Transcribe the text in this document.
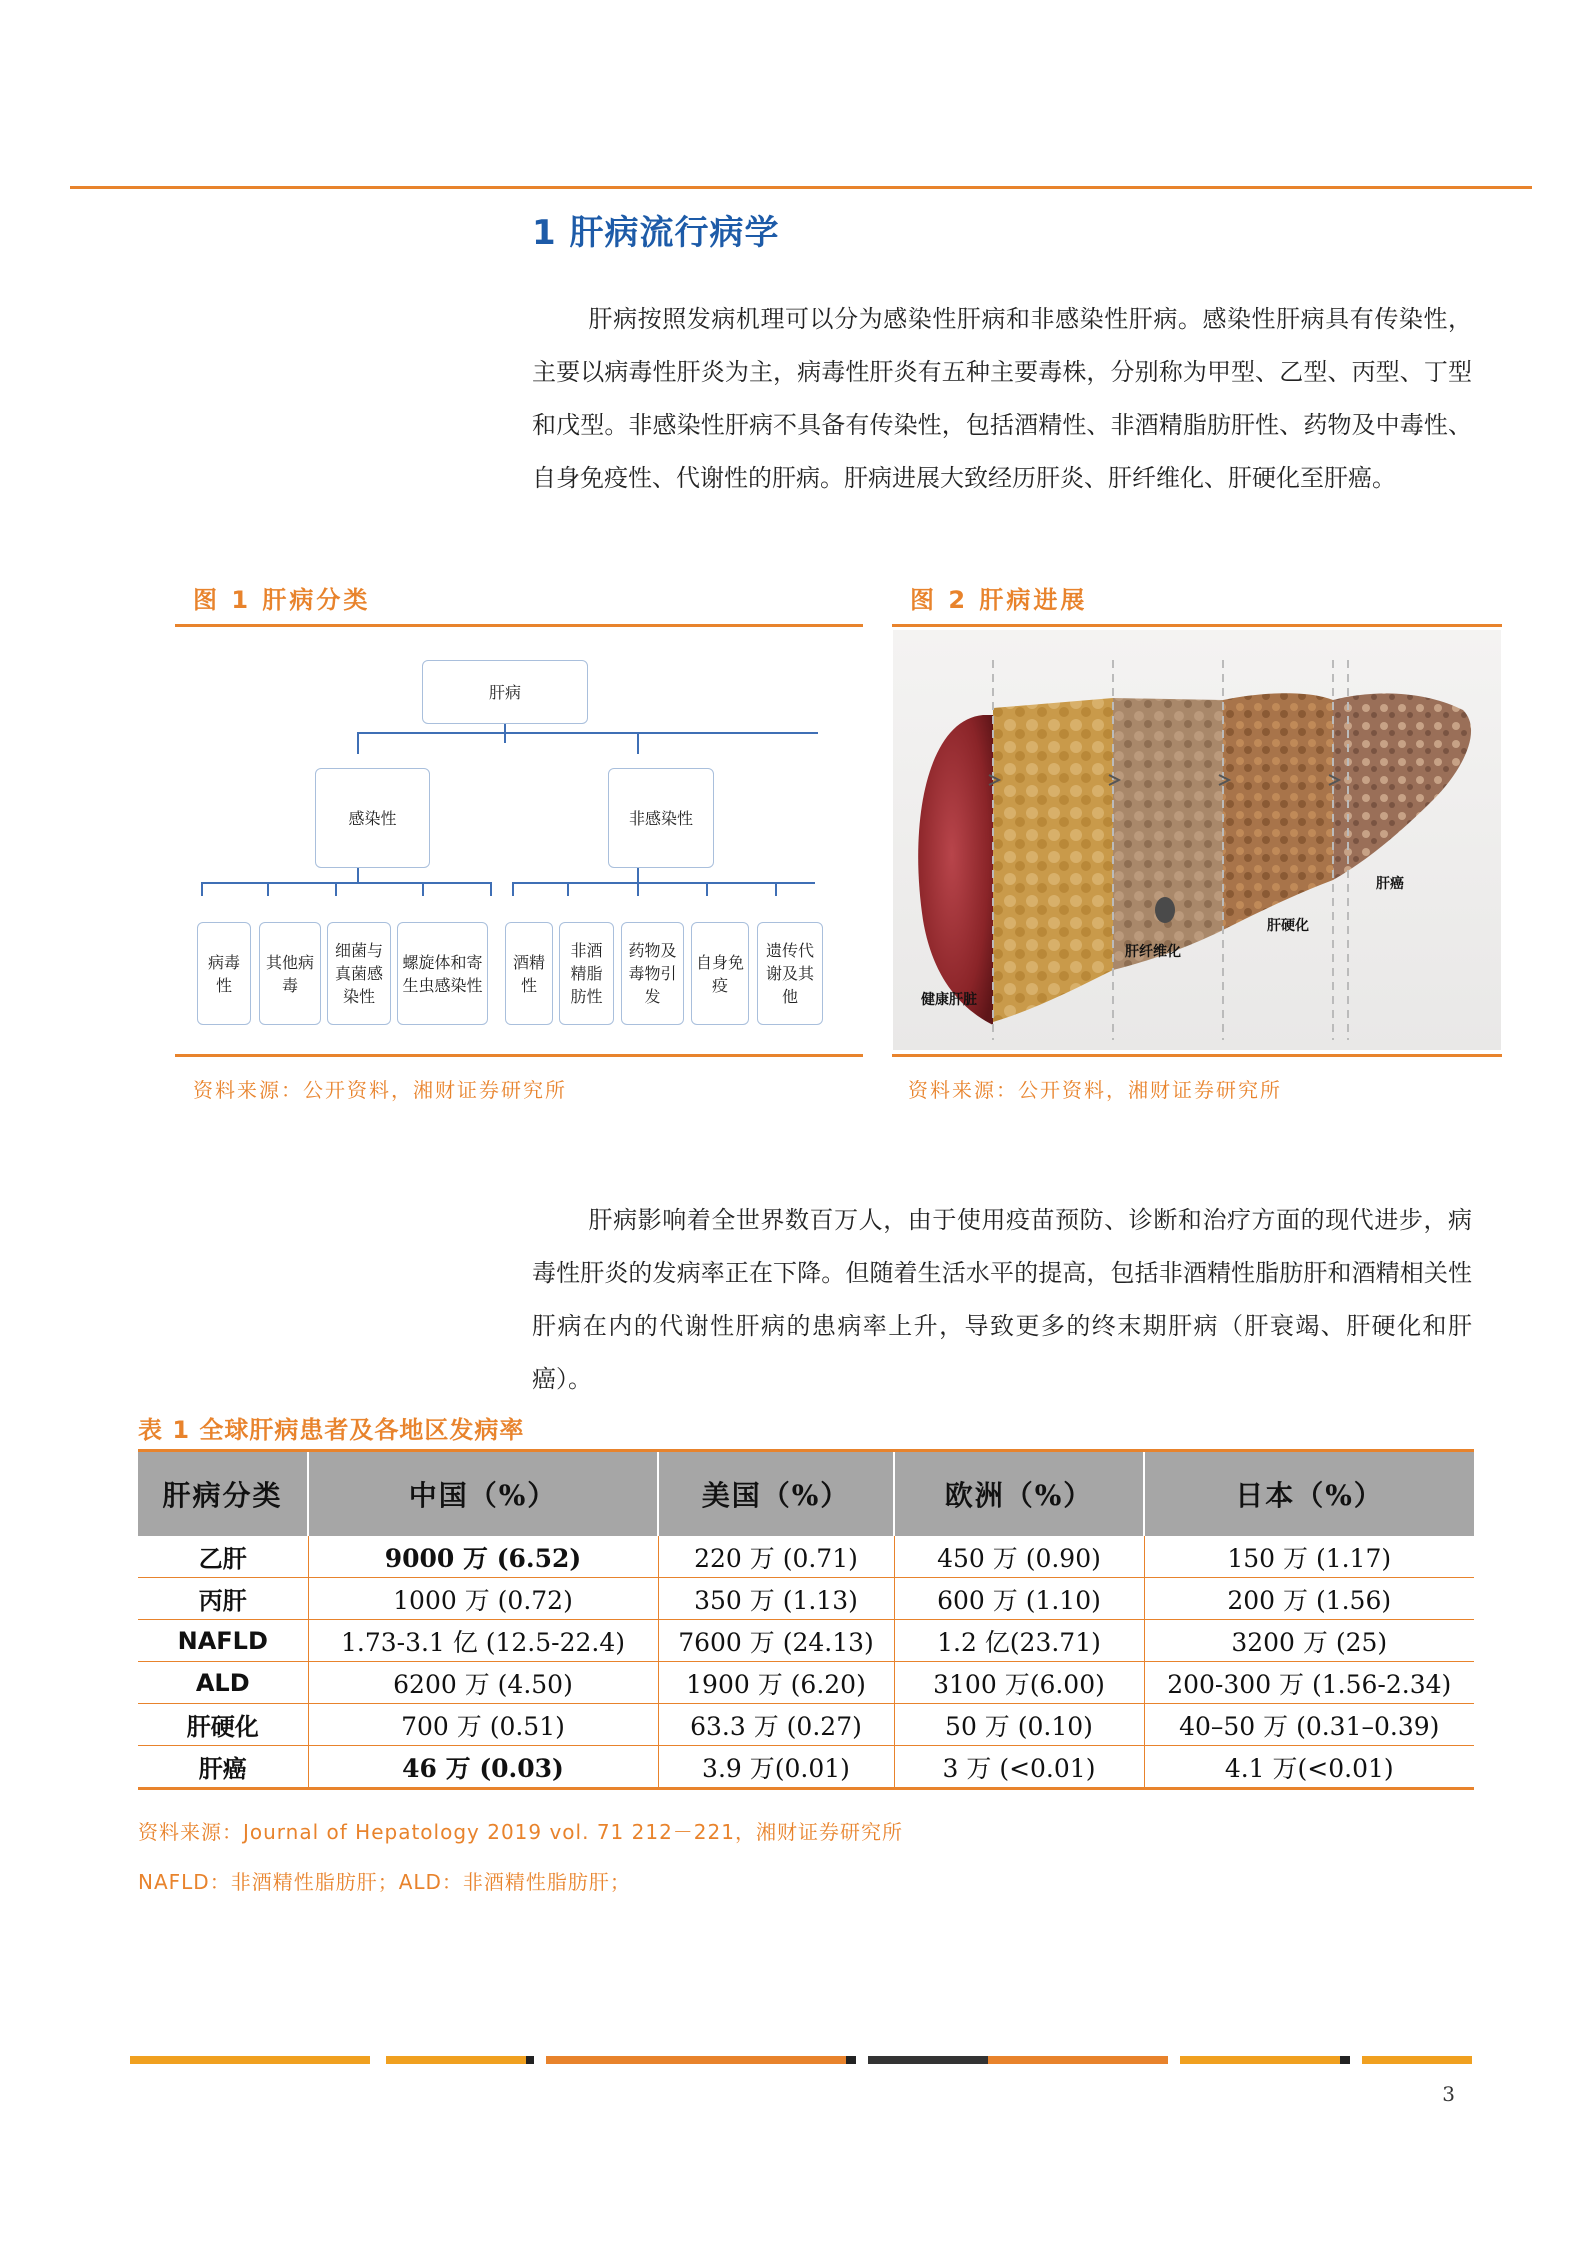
1 肝病流行病学
肝病按照发病机理可以分为感染性肝病和非感染性肝病。感染性肝病具有传染性，主要以病毒性肝炎为主，病毒性肝炎有五种主要毒株，分别称为甲型、乙型、丙型、丁型和戊型。非感染性肝病不具备有传染性，包括酒精性、非酒精脂肪肝性、药物及中毒性、自身免疫性、代谢性的肝病。肝病进展大致经历肝炎、肝纤维化、肝硬化至肝癌。
图 1 肝病分类
肝病
感染性	非感染性
病毒性
其他病毒
细菌与真菌感染性
螺旋体和寄生虫感染性
酒精性
非酒精脂肪性
药物及毒物引发
自身免疫
遗传代谢及其他
资料来源：公开资料，湘财证券研究所
图 2 肝病进展
健康肝脏
肝纤维化
肝硬化
肝癌
资料来源：公开资料，湘财证券研究所
肝病影响着全世界数百万人，由于使用疫苗预防、诊断和治疗方面的现代进步，病毒性肝炎的发病率正在下降。但随着生活水平的提高，包括非酒精性脂肪肝和酒精相关性肝病在内的代谢性肝病的患病率上升，导致更多的终末期肝病（肝衰竭、肝硬化和肝癌）。
表 1 全球肝病患者及各地区发病率
肝病分类	中国（%）	美国（%）	欧洲（%）	日本（%）
乙肝	9000 万 (6.52)	220 万 (0.71)	450 万 (0.90)	150 万 (1.17)
丙肝	1000 万 (0.72)	350 万 (1.13)	600 万 (1.10)	200 万 (1.56)
NAFLD	1.73-3.1 亿 (12.5-22.4)	7600 万 (24.13)	1.2 亿(23.71)	3200 万 (25)
ALD	6200 万 (4.50)	1900 万 (6.20)	3100 万(6.00)	200-300 万 (1.56-2.34)
肝硬化	700 万 (0.51)	63.3 万 (0.27)	50 万 (0.10)	40–50 万 (0.31–0.39)
肝癌	46 万 (0.03)	3.9 万(0.01)	3 万 (<0.01)	4.1 万(<0.01)
资料来源：Journal of Hepatology 2019 vol. 71 212－221，湘财证券研究所
NAFLD：非酒精性脂肪肝；ALD：非酒精性脂肪肝；
3
